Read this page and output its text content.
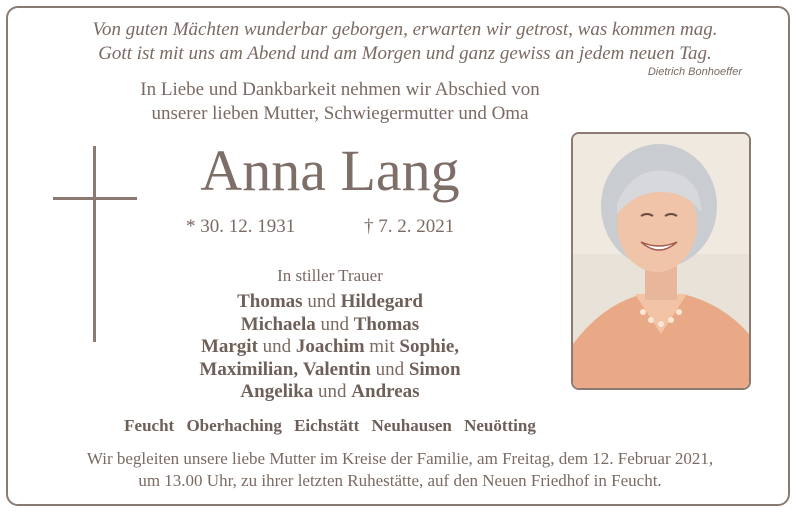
Von guten Mächten wunderbar geborgen, erwarten wir getrost, was kommen mag.
Gott ist mit uns am Abend und am Morgen und ganz gewiss an jedem neuen Tag.
Dietrich Bonhoeffer
In Liebe und Dankbarkeit nehmen wir Abschied von
unserer lieben Mutter, Schwiegermutter und Oma
Anna Lang
* 30. 12. 1931	† 7. 2. 2021
In stiller Trauer
Thomas und Hildegard
Michaela und Thomas
Margit und Joachim mit Sophie,
Maximilian, Valentin und Simon
Angelika und Andreas
Feucht Oberhaching Eichstätt Neuhausen Neuötting
Wir begleiten unsere liebe Mutter im Kreise der Familie, am Freitag, dem 12. Februar 2021,
um 13.00 Uhr, zu ihrer letzten Ruhestätte, auf den Neuen Friedhof in Feucht.
